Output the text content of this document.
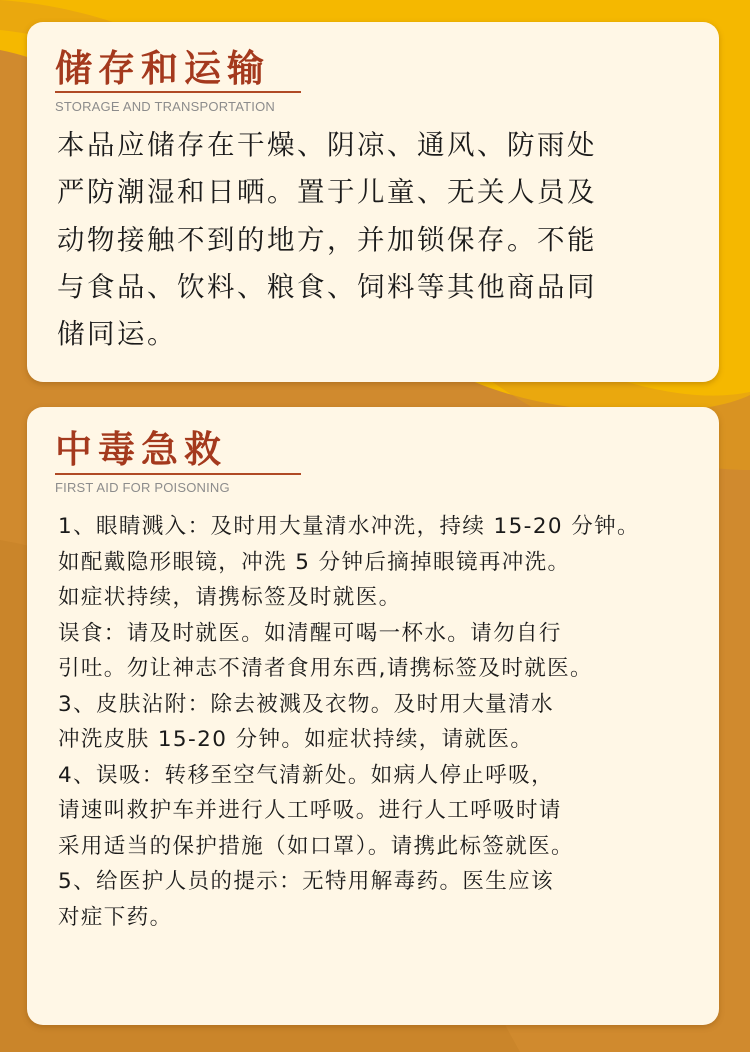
储存和运输
STORAGE AND TRANSPORTATION
本品应储存在干燥、阴凉、通风、防雨处
严防潮湿和日晒。置于儿童、无关人员及
动物接触不到的地方，并加锁保存。不能
与食品、饮料、粮食、饲料等其他商品同
储同运。
中毒急救
FIRST AID FOR POISONING
1、眼睛溅入：及时用大量清水冲洗，持续 15-20 分钟。
如配戴隐形眼镜，冲洗 5 分钟后摘掉眼镜再冲洗。
如症状持续，请携标签及时就医。
误食：请及时就医。如清醒可喝一杯水。请勿自行
引吐。勿让神志不清者食用东西,请携标签及时就医。
3、皮肤沾附：除去被溅及衣物。及时用大量清水
冲洗皮肤 15-20 分钟。如症状持续，请就医。
4、误吸：转移至空气清新处。如病人停止呼吸，
请速叫救护车并进行人工呼吸。进行人工呼吸时请
采用适当的保护措施（如口罩）。请携此标签就医。
5、给医护人员的提示：无特用解毒药。医生应该
对症下药。
